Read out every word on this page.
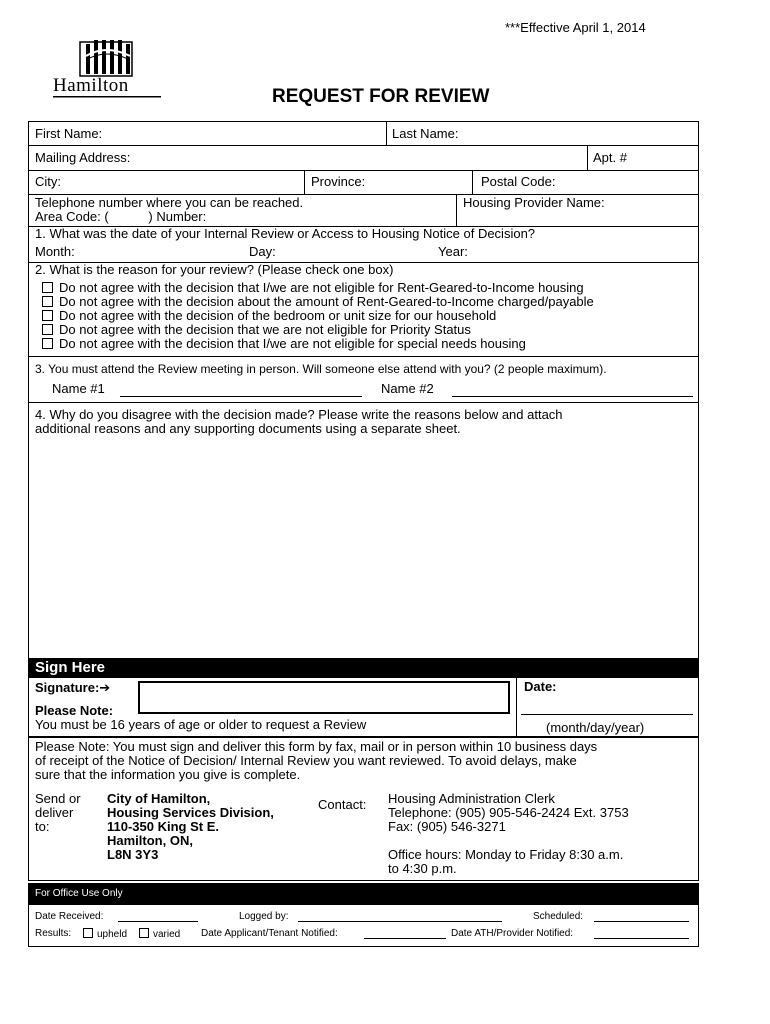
***Effective April 1, 2014
Hamilton
REQUEST FOR REVIEW
First Name:	Last Name:
Mailing Address:	Apt. #
City:	Province:	Postal Code:
Telephone number where you can be reached.
Area Code: (           ) Number:
Housing Provider Name:
1. What was the date of your Internal Review or Access to Housing Notice of Decision?
Month:	Day:	Year:
2. What is the reason for your review? (Please check one box)
Do not agree with the decision that I/we are not eligible for Rent-Geared-to-Income housing
Do not agree with the decision about the amount of Rent-Geared-to-Income charged/payable
Do not agree with the decision of the bedroom or unit size for our household
Do not agree with the decision that we are not eligible for Priority Status
Do not agree with the decision that I/we are not eligible for special needs housing
3. You must attend the Review meeting in person. Will someone else attend with you? (2 people maximum).
Name #1	Name #2
4. Why do you disagree with the decision made? Please write the reasons below and attach
additional reasons and any supporting documents using a separate sheet.
Sign Here
Signature:➔	Date:
Please Note:
You must be 16 years of age or older to request a Review	(month/day/year)
Please Note: You must sign and deliver this form by fax, mail or in person within 10 business days
of receipt of the Notice of Decision/ Internal Review you want reviewed. To avoid delays, make
sure that the information you give is complete.
Send or
deliver
to:
City of Hamilton,
Housing Services Division,
110-350 King St E.
Hamilton, ON,
L8N 3Y3
Contact: Housing Administration Clerk
Telephone: (905) 905-546-2424 Ext. 3753
Fax: (905) 546-3271
Office hours: Monday to Friday 8:30 a.m.
to 4:30 p.m.
For Office Use Only
Date Received:	Logged by:	Scheduled:
Results:	upheld	varied Date Applicant/Tenant Notified:	Date ATH/Provider Notified:
